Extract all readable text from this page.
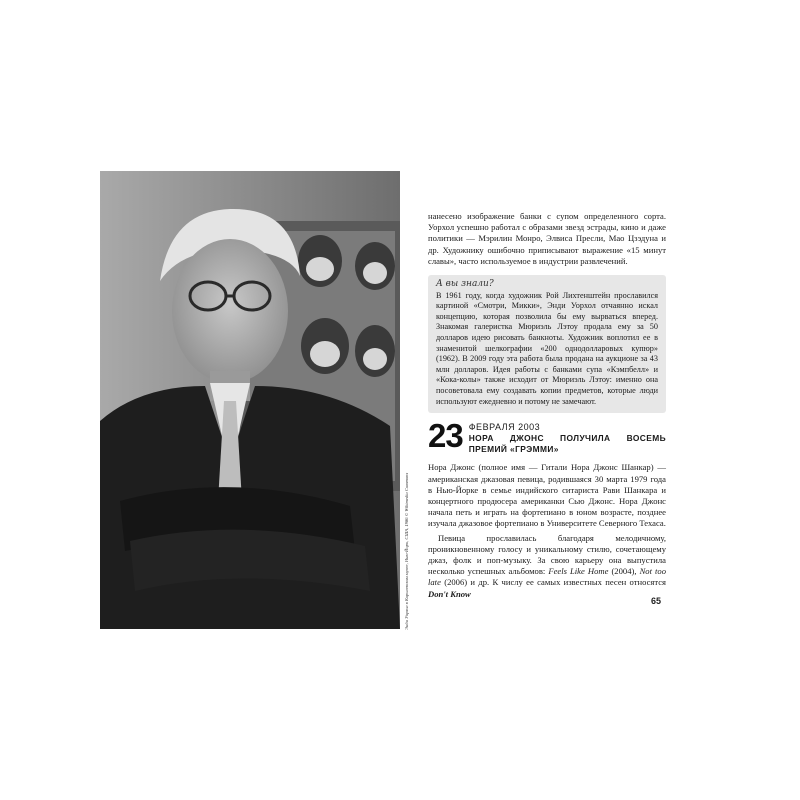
Энди Уорхол в Королевском музее, Нью-Йорк, США, 1986 © Wikimedia Commons

нанесено изображение банки с супом определенного сорта. Уорхол успешно работал с образами звезд эстрады, кино и даже политики — Мэрилин Монро, Элвиса Пресли, Мао Цзэдуна и др. Художнику ошибочно приписывают выражение «15 минут славы», часто используемое в индустрии развлечений.

А вы знали?

В 1961 году, когда художник Рой Лихтенштейн прославился картиной «Смотри, Микки», Энди Уорхол отчаянно искал концепцию, которая позволила бы ему вырваться вперед. Знакомая галеристка Мюриэль Лэтоу продала ему за 50 долларов идею рисовать банкноты. Художник воплотил ее в знаменитой шелкографии «200 однодолларовых купюр» (1962). В 2009 году эта работа была продана на аукционе за 43 млн долларов. Идея работы с банками супа «Кэмпбелл» и «Кока-колы» также исходит от Мюриэль Лэтоу: именно она посоветовала ему создавать копии предметов, которые люди используют ежедневно и потому не замечают.

23 ФЕВРАЛЯ 2003
НОРА ДЖОНС ПОЛУЧИЛА ВОСЕМЬ ПРЕМИЙ «ГРЭММИ»

Нора Джонс (полное имя — Гитали Нора Джонс Шанкар) — американская джазовая певица, родившаяся 30 марта 1979 года в Нью-Йорке в семье индийского ситариста Рави Шанкара и концертного продюсера американки Сью Джонс. Нора Джонс начала петь и играть на фортепиано в юном возрасте, позднее изучала джазовое фортепиано в Университете Северного Техаса.

Певица прославилась благодаря мелодичному, проникновенному голосу и уникальному стилю, сочетающему джаз, фолк и поп-музыку. За свою карьеру она выпустила несколько успешных альбомов: Feels Like Home (2004), Not too late (2006) и др. К числу ее самых известных песен относятся Don't Know

65
